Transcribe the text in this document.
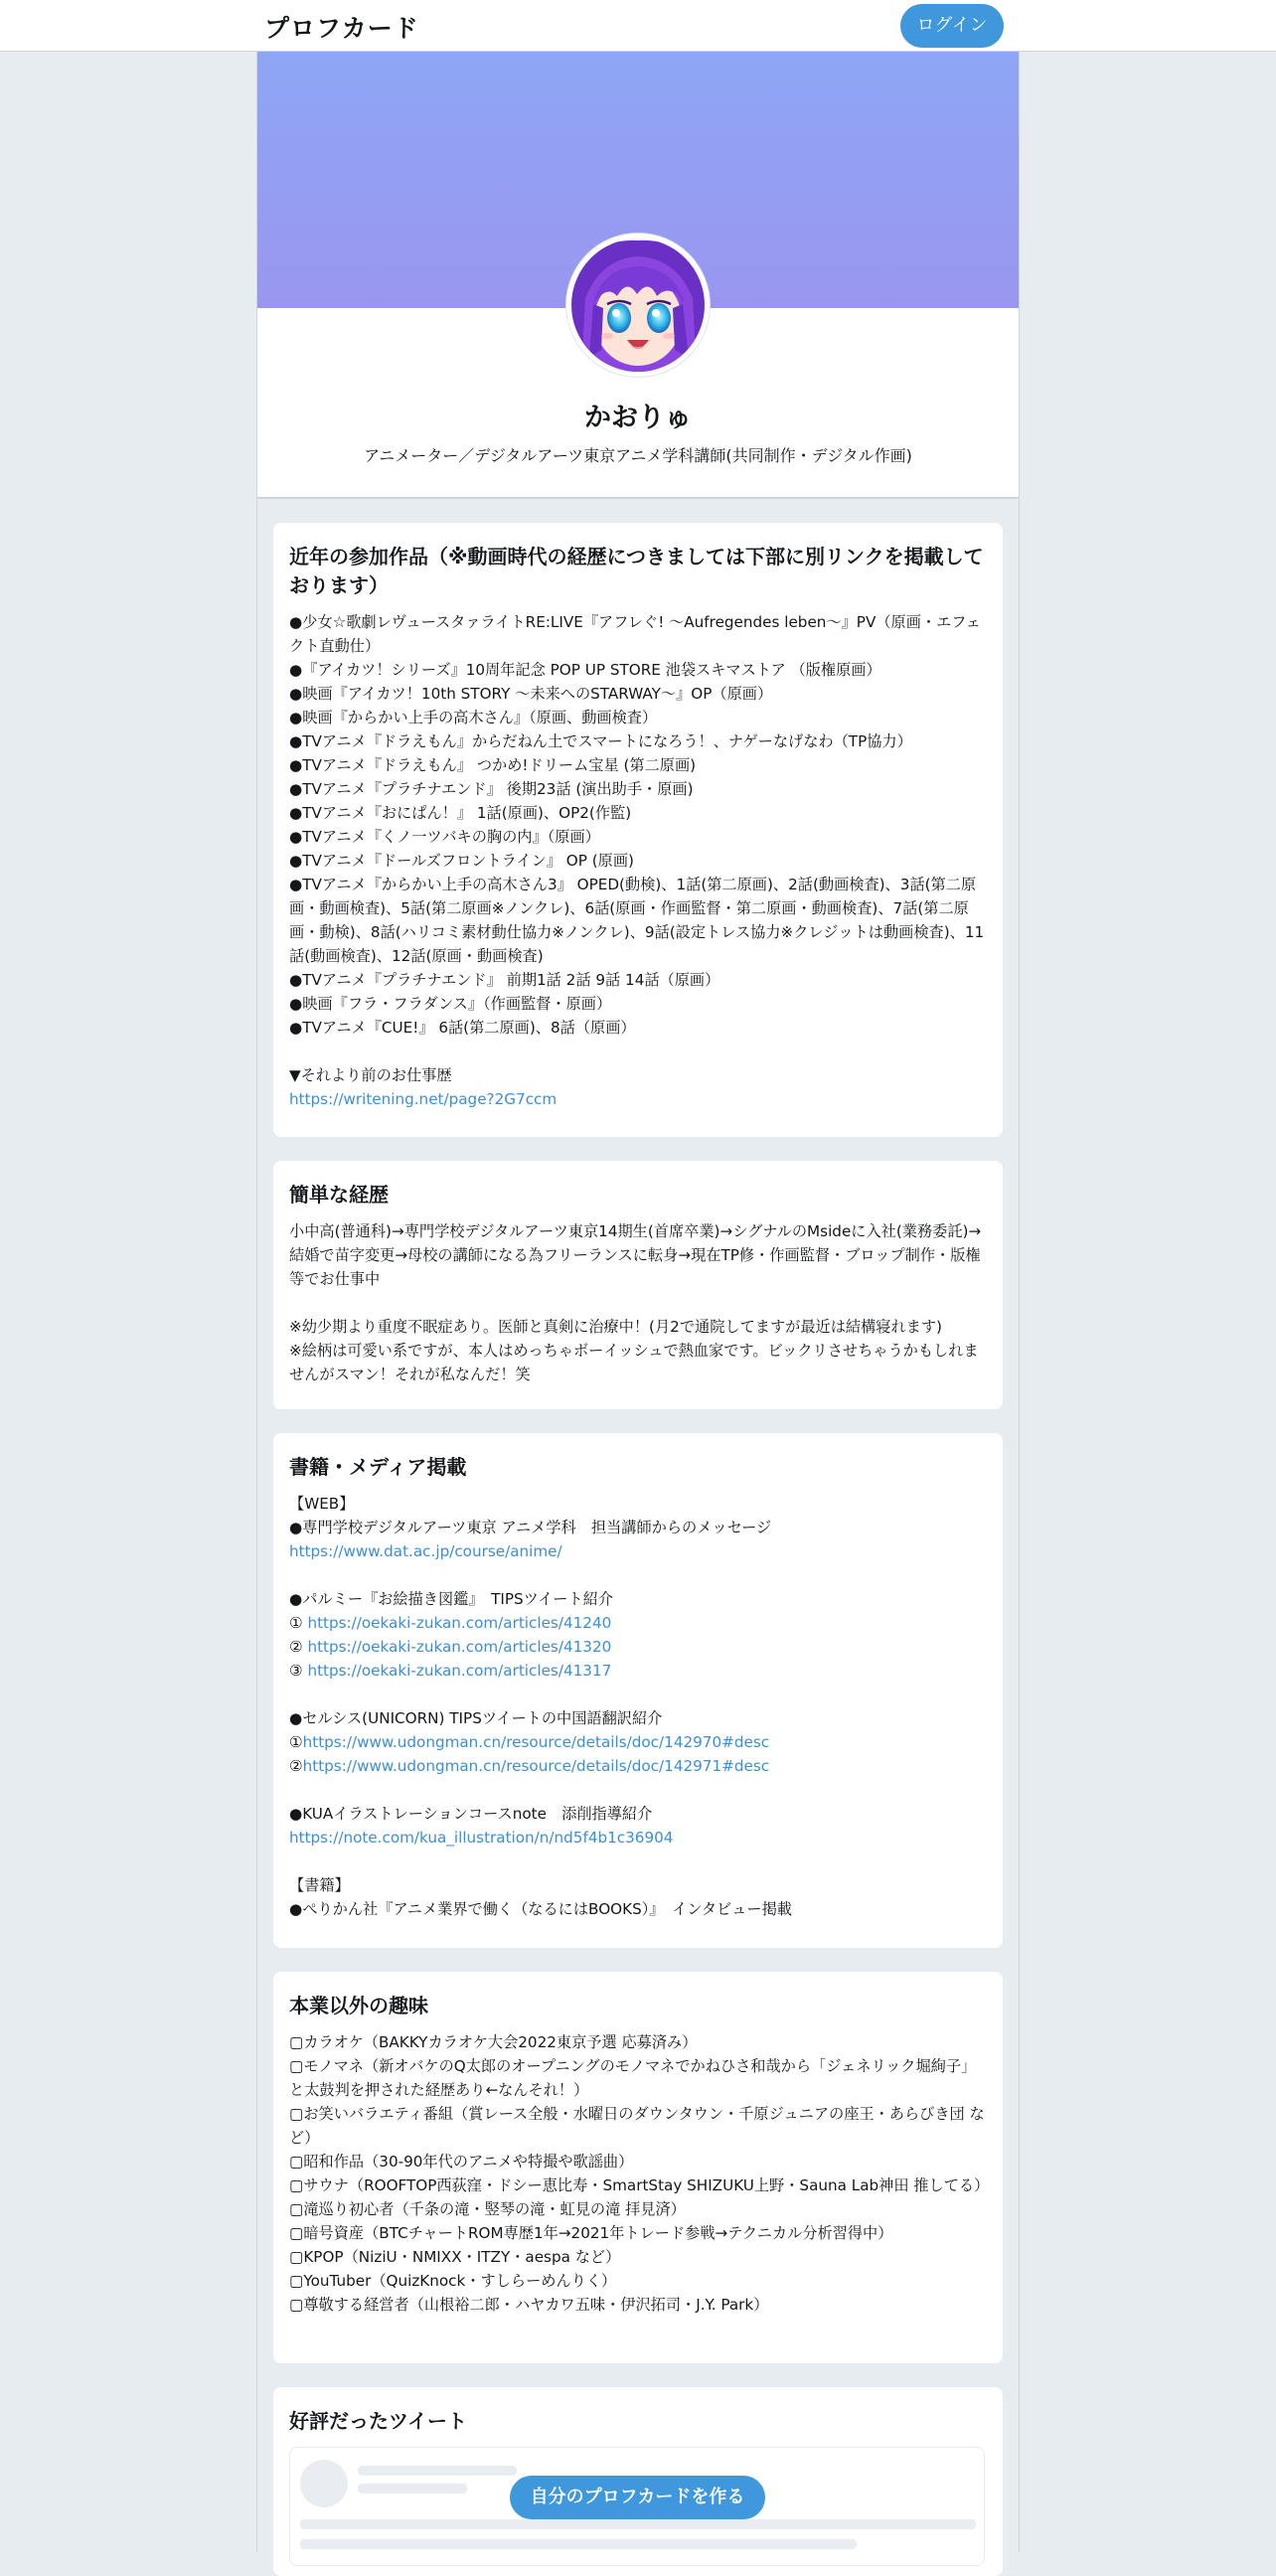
プロフカード	ログイン
かおりゅ
アニメーター／デジタルアーツ東京アニメ学科講師(共同制作・デジタル作画)
近年の参加作品（※動画時代の経歴につきましては下部に別リンクを掲載しております）
●少女☆歌劇レヴュースタァライトRE:LIVE『アフレぐ! 〜Aufregendes leben〜』PV（原画・エフェクト直動仕）
●『アイカツ！シリーズ』10周年記念 POP UP STORE 池袋スキマストア （版権原画）
●映画『アイカツ！10th STORY ～未来へのSTARWAY～』OP（原画）
●映画『からかい上手の高木さん』（原画、動画検査）
●TVアニメ『ドラえもん』からだねん土でスマートになろう！、ナゲーなげなわ（TP協力）
●TVアニメ『ドラえもん』 つかめ!ドリーム宝星 (第二原画)
●TVアニメ『プラチナエンド』 後期23話 (演出助手・原画)
●TVアニメ『おにぱん！』 1話(原画)、OP2(作監)
●TVアニメ『くノ一ツバキの胸の内』（原画）
●TVアニメ『ドールズフロントライン』 OP (原画)
●TVアニメ『からかい上手の高木さん3』 OPED(動検)、1話(第二原画)、2話(動画検査)、3話(第二原画・動画検査)、5話(第二原画※ノンクレ)、6話(原画・作画監督・第二原画・動画検査)、7話(第二原画・動検)、8話(ハリコミ素材動仕協力※ノンクレ)、9話(設定トレス協力※クレジットは動画検査)、11話(動画検査)、12話(原画・動画検査)
●TVアニメ『プラチナエンド』 前期1話 2話 9話 14話（原画）
●映画『フラ・フラダンス』（作画監督・原画）
●TVアニメ『CUE!』 6話(第二原画)、8話（原画）
▼それより前のお仕事歴
https://writening.net/page?2G7ccm
簡単な経歴
小中高(普通科)→専門学校デジタルアーツ東京14期生(首席卒業)→シグナルのMsideに入社(業務委託)→結婚で苗字変更→母校の講師になる為フリーランスに転身→現在TP修・作画監督・ブロップ制作・版権等でお仕事中
※幼少期より重度不眠症あり。医師と真剣に治療中！(月2で通院してますが最近は結構寝れます)
※絵柄は可愛い系ですが、本人はめっちゃボーイッシュで熱血家です。ビックリさせちゃうかもしれませんがスマン！それが私なんだ！笑
書籍・メディア掲載
【WEB】
●専門学校デジタルアーツ東京 アニメ学科　担当講師からのメッセージ
https://www.dat.ac.jp/course/anime/
●パルミー『お絵描き図鑑』　TIPSツイート紹介
① https://oekaki-zukan.com/articles/41240
② https://oekaki-zukan.com/articles/41320
③ https://oekaki-zukan.com/articles/41317
●セルシス(UNICORN) TIPSツイートの中国語翻訳紹介
①https://www.udongman.cn/resource/details/doc/142970#desc
②https://www.udongman.cn/resource/details/doc/142971#desc
●KUAイラストレーションコースnote　添削指導紹介
https://note.com/kua_illustration/n/nd5f4b1c36904
【書籍】
●ぺりかん社『アニメ業界で働く（なるにはBOOKS）』　インタビュー掲載
本業以外の趣味
▢カラオケ（BAKKYカラオケ大会2022東京予選 応募済み）
▢モノマネ（新オバケのQ太郎のオープニングのモノマネでかねひさ和哉から「ジェネリック堀絢子」と太鼓判を押された経歴あり←なんそれ！）
▢お笑いバラエティ番組（賞レース全般・水曜日のダウンタウン・千原ジュニアの座王・あらびき団 など）
▢昭和作品（30-90年代のアニメや特撮や歌謡曲）
▢サウナ（ROOFTOP西荻窪・ドシー恵比寿・SmartStay SHIZUKU上野・Sauna Lab神田 推してる）
▢滝巡り初心者（千条の滝・竪琴の滝・虹見の滝 拝見済）
▢暗号資産（BTCチャートROM専歴1年→2021年トレード参戦→テクニカル分析習得中）
▢KPOP（NiziU・NMIXX・ITZY・aespa など）
▢YouTuber（QuizKnock・すしらーめんりく）
▢尊敬する経営者（山根裕二郎・ハヤカワ五味・伊沢拓司・J.Y. Park）
好評だったツイート
自分のプロフカードを作る
